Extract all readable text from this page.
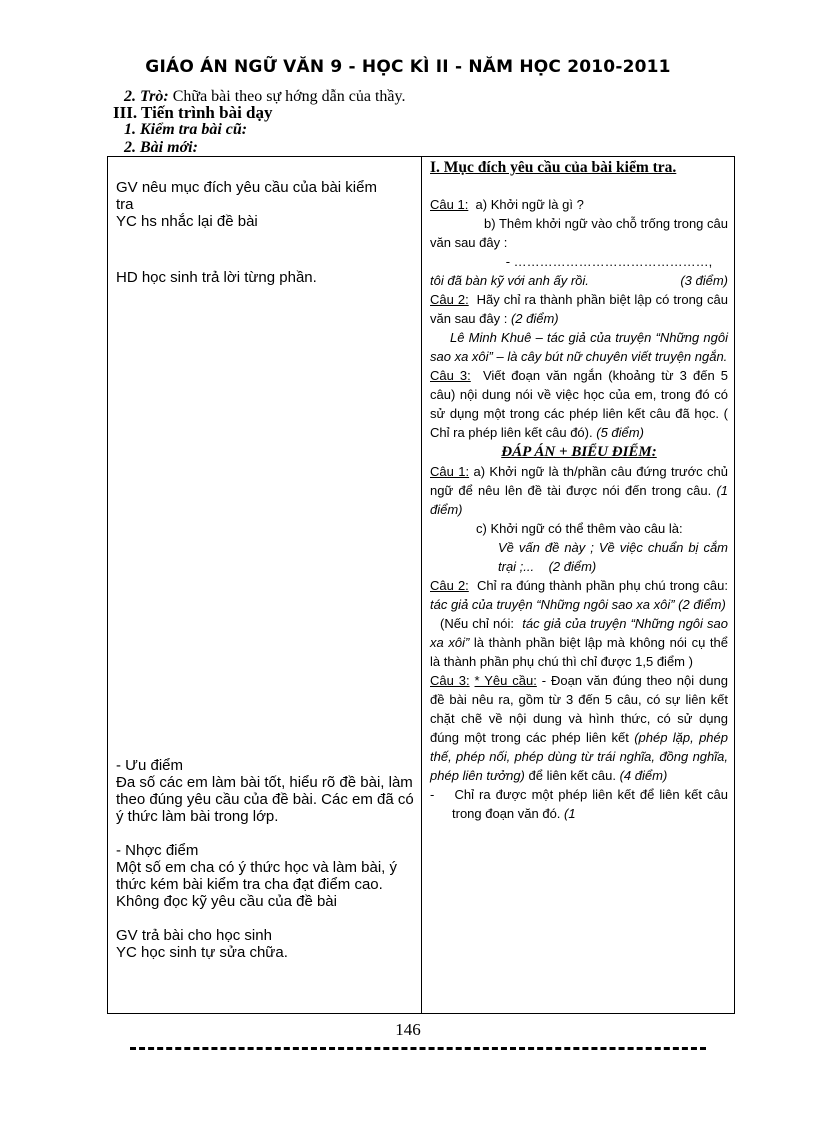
GIÁO ÁN NGỮ VĂN 9 - HỌC KÌ II - NĂM HỌC 2010-2011
2. Trò: Chữa bài theo sự hớng dẫn của thầy.
III. Tiến trình bài dạy
1. Kiểm tra bài cũ:
2. Bài mới:
GV nêu mục đích yêu cầu của bài kiểm
tra
YC hs nhắc lại đề bài
HD học sinh trả lời từng phần.
- Ưu điểm
Đa số các em làm bài tốt, hiểu rõ đề bài, làm theo đúng yêu cầu của đề bài. Các em đã có ý thức làm bài trong lớp.
- Nhợc điểm
Một số em cha có ý thức học và làm bài, ý thức kém bài kiểm tra cha đạt điểm cao. Không đọc kỹ yêu cầu của đề bài
GV trả bài cho học sinh
YC học sinh tự sửa chữa.
I. Mục đích yêu cầu của bài kiểm tra.

Câu 1: a) Khởi ngữ là gì ?

b) Thêm khởi ngữ vào chỗ trống trong câu văn sau đây :

- ………………………………………,

tôi đã bàn kỹ với anh ấy rồi.	(3 điểm)

Câu 2: Hãy chỉ ra thành phần biệt lập có trong câu văn sau đây : (2 điểm)

Lê Minh Khuê – tác giả của truyện “Những ngôi sao xa xôi” – là cây bút nữ chuyên viết truyện ngắn.

Câu 3: Viết đoạn văn ngắn (khoảng từ 3 đến 5 câu) nội dung nói về việc học của em, trong đó có sử dụng một trong các phép liên kết câu đã học. ( Chỉ ra phép liên kết câu đó). (5 điểm)

ĐÁP ÁN + BIỂU ĐIỂM:

Câu 1: a) Khởi ngữ là th/phần câu đứng trước chủ ngữ để nêu lên đề tài được nói đến trong câu. (1 điểm)

c) Khởi ngữ có thể thêm vào câu là:

Về vấn đề này ; Về việc chuẩn bị cắm trại ;... (2 điểm)

Câu 2: Chỉ ra đúng thành phần phụ chú trong câu: tác giả của truyện “Những ngôi sao xa xôi” (2 điểm)

(Nếu chỉ nói: tác giả của truyện “Những ngôi sao xa xôi” là thành phần biệt lập mà không nói cụ thể là thành phần phụ chú thì chỉ được 1,5 điểm )

Câu 3: * Yêu cầu: - Đoạn văn đúng theo nội dung đề bài nêu ra, gồm từ 3 đến 5 câu, có sự liên kết chặt chẽ về nội dung và hình thức, có sử dụng đúng một trong các phép liên kết (phép lặp, phép thế, phép nối, phép dùng từ trái nghĩa, đồng nghĩa, phép liên tưởng) để liên kết câu. (4 điểm)

-    Chỉ ra được một phép liên kết để liên kết câu trong đoạn văn đó. (1

146
